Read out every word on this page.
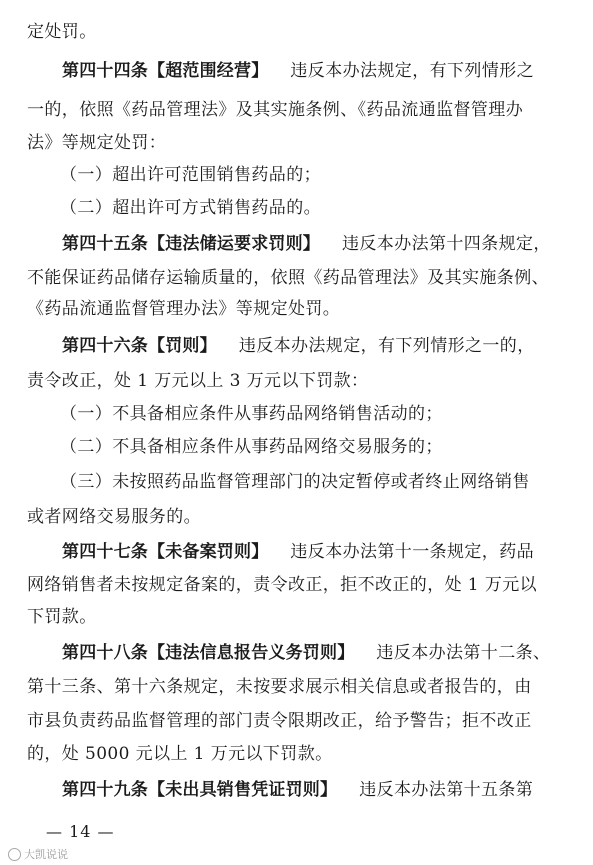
定处罚。
第四十四条【超范围经营】 违反本办法规定，有下列情形之
一的，依照《药品管理法》及其实施条例、《药品流通监督管理办
法》等规定处罚：
（一）超出许可范围销售药品的；
（二）超出许可方式销售药品的。
第四十五条【违法储运要求罚则】 违反本办法第十四条规定，
不能保证药品储存运输质量的，依照《药品管理法》及其实施条例、
《药品流通监督管理办法》等规定处罚。
第四十六条【罚则】 违反本办法规定，有下列情形之一的，
责令改正，处 1 万元以上 3 万元以下罚款：
（一）不具备相应条件从事药品网络销售活动的；
（二）不具备相应条件从事药品网络交易服务的；
（三）未按照药品监督管理部门的决定暂停或者终止网络销售
或者网络交易服务的。
第四十七条【未备案罚则】 违反本办法第十一条规定，药品
网络销售者未按规定备案的，责令改正，拒不改正的，处 1 万元以
下罚款。
第四十八条【违法信息报告义务罚则】 违反本办法第十二条、
第十三条、第十六条规定，未按要求展示相关信息或者报告的，由
市县负责药品监督管理的部门责令限期改正，给予警告；拒不改正
的，处 5000 元以上 1 万元以下罚款。
第四十九条【未出具销售凭证罚则】 违反本办法第十五条第
— 14 —
大凯说说
